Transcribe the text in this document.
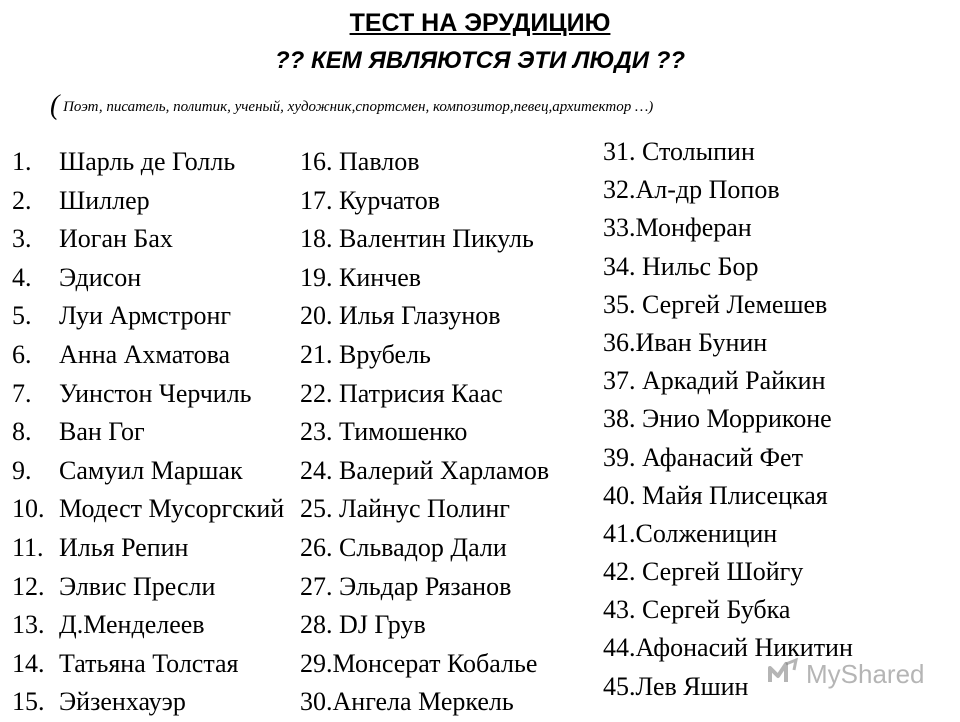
ТЕСТ НА ЭРУДИЦИЮ
?? КЕМ ЯВЛЯЮТСЯ ЭТИ ЛЮДИ ??
( Поэт, писатель, политик, ученый, художник,спортсмен, композитор,певец,архитектор …)
1. Шарль де Голль
2. Шиллер
3. Иоган Бах
4. Эдисон
5. Луи Армстронг
6. Анна Ахматова
7. Уинстон Черчиль
8. Ван Гог
9. Самуил Маршак
10. Модест Мусоргский
11. Илья Репин
12. Элвис Пресли
13. Д.Менделеев
14. Татьяна Толстая
15. Эйзенхауэр
16. Павлов
17. Курчатов
18. Валентин Пикуль
19. Кинчев
20. Илья Глазунов
21. Врубель
22. Патрисия Каас
23. Тимошенко
24. Валерий Харламов
25. Лайнус Полинг
26. Сльвадор Дали
27. Эльдар Рязанов
28. DJ Грув
29.Монсерат Кобалье
30.Ангела Меркель
31. Столыпин
32.Ал-др Попов
33.Монферан
34. Нильс Бор
35. Сергей Лемешев
36.Иван Бунин
37. Аркадий Райкин
38. Энио Морриконе
39. Афанасий Фет
40. Майя Плисецкая
41.Солженицин
42. Сергей Шойгу
43. Сергей Бубка
44.Афонасий Никитин
45.Лев Яшин	MyShared
